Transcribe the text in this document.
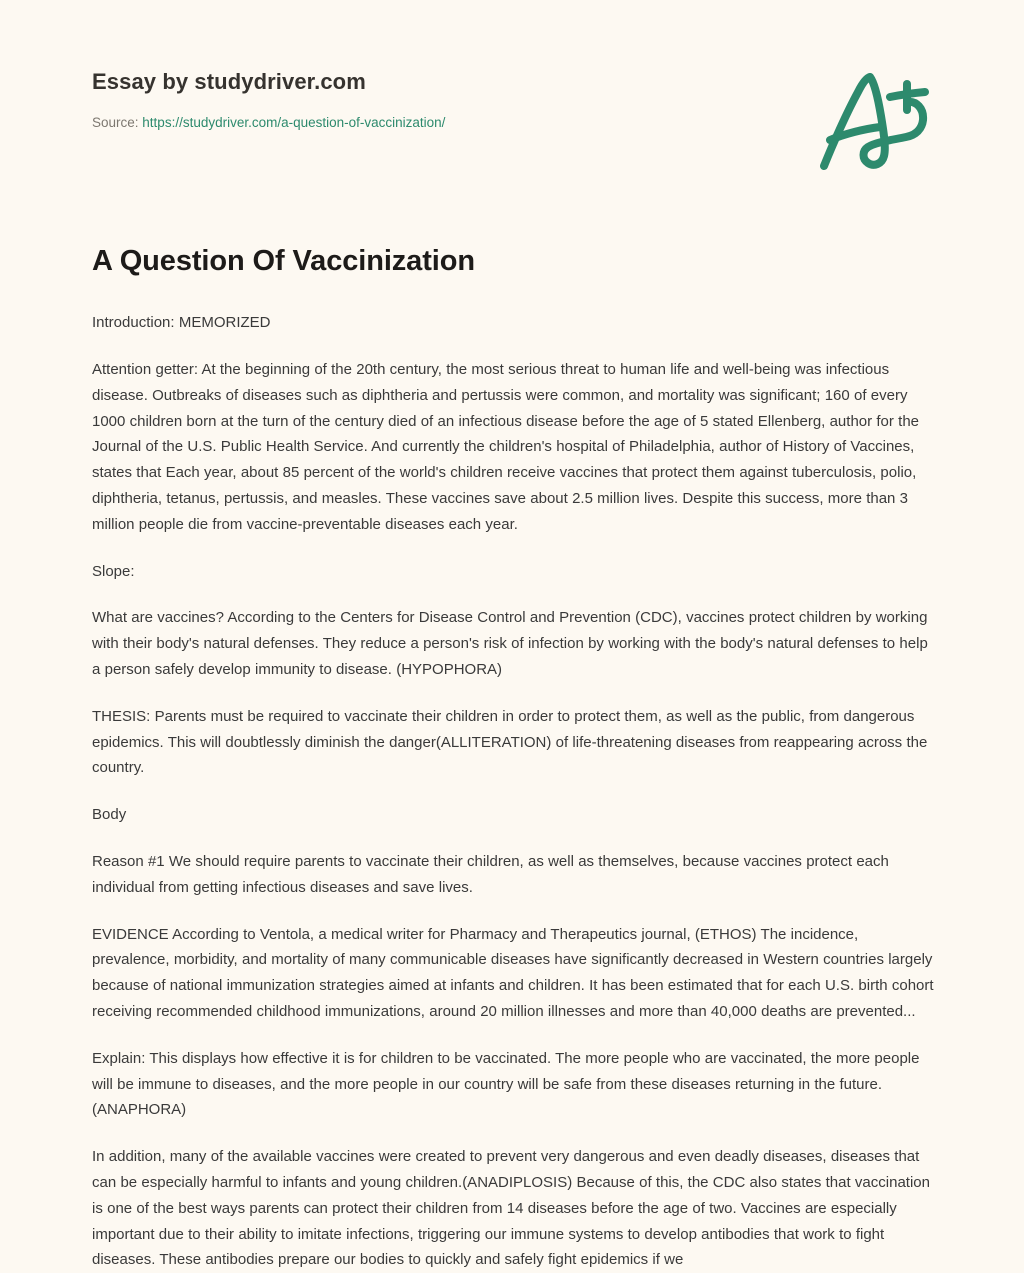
Essay by studydriver.com
Source: https://studydriver.com/a-question-of-vaccinization/
A Question Of Vaccinization

Introduction: MEMORIZED

Attention getter: At the beginning of the 20th century, the most serious threat to human life and well-being was infectious disease. Outbreaks of diseases such as diphtheria and pertussis were common, and mortality was significant; 160 of every 1000 children born at the turn of the century died of an infectious disease before the age of 5 stated Ellenberg, author for the Journal of the U.S. Public Health Service. And currently the children's hospital of Philadelphia, author of History of Vaccines, states that Each year, about 85 percent of the world's children receive vaccines that protect them against tuberculosis, polio, diphtheria, tetanus, pertussis, and measles. These vaccines save about 2.5 million lives. Despite this success, more than 3 million people die from vaccine-preventable diseases each year.

Slope:

What are vaccines? According to the Centers for Disease Control and Prevention (CDC), vaccines protect children by working with their body's natural defenses. They reduce a person's risk of infection by working with the body's natural defenses to help a person safely develop immunity to disease. (HYPOPHORA)

THESIS: Parents must be required to vaccinate their children in order to protect them, as well as the public, from dangerous epidemics. This will doubtlessly diminish the danger(ALLITERATION) of life-threatening diseases from reappearing across the country.

Body

Reason #1 We should require parents to vaccinate their children, as well as themselves, because vaccines protect each individual from getting infectious diseases and save lives.

EVIDENCE According to Ventola, a medical writer for Pharmacy and Therapeutics journal, (ETHOS) The incidence, prevalence, morbidity, and mortality of many communicable diseases have significantly decreased in Western countries largely because of national immunization strategies aimed at infants and children. It has been estimated that for each U.S. birth cohort receiving recommended childhood immunizations, around 20 million illnesses and more than 40,000 deaths are prevented...

Explain: This displays how effective it is for children to be vaccinated. The more people who are vaccinated, the more people will be immune to diseases, and the more people in our country will be safe from these diseases returning in the future.(ANAPHORA)

In addition, many of the available vaccines were created to prevent very dangerous and even deadly diseases, diseases that can be especially harmful to infants and young children.(ANADIPLOSIS) Because of this, the CDC also states that vaccination is one of the best ways parents can protect their children from 14 diseases before the age of two. Vaccines are especially important due to their ability to imitate infections, triggering our immune systems to develop antibodies that work to fight diseases. These antibodies prepare our bodies to quickly and safely fight epidemics if we
